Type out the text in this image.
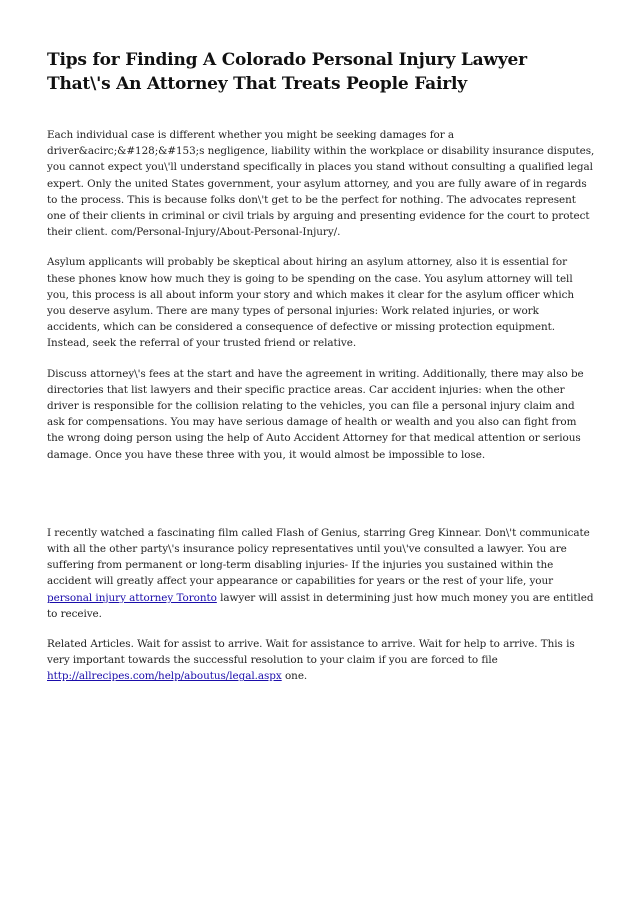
Tips for Finding A Colorado Personal Injury Lawyer That\'s An Attorney That Treats People Fairly

Each individual case is different whether you might be seeking damages for a driver&acirc;&#128;&#153;s negligence, liability within the workplace or disability insurance disputes, you cannot expect you\'ll understand specifically in places you stand without consulting a qualified legal expert. Only the united States government, your asylum attorney, and you are fully aware of in regards to the process. This is because folks don\'t get to be the perfect for nothing. The advocates represent one of their clients in criminal or civil trials by arguing and presenting evidence for the court to protect their client. com/Personal-Injury/About-Personal-Injury/.

Asylum applicants will probably be skeptical about hiring an asylum attorney, also it is essential for these phones know how much they is going to be spending on the case. You asylum attorney will tell you, this process is all about inform your story and which makes it clear for the asylum officer which you deserve asylum. There are many types of personal injuries: Work related injuries, or work accidents, which can be considered a consequence of defective or missing protection equipment. Instead, seek the referral of your trusted friend or relative.

Discuss attorney\'s fees at the start and have the agreement in writing. Additionally, there may also be directories that list lawyers and their specific practice areas. Car accident injuries: when the other driver is responsible for the collision relating to the vehicles, you can file a personal injury claim and ask for compensations. You may have serious damage of health or wealth and you also can fight from the wrong doing person using the help of Auto Accident Attorney for that medical attention or serious damage. Once you have these three with you, it would almost be impossible to lose.

I recently watched a fascinating film called Flash of Genius, starring Greg Kinnear. Don\'t communicate with all the other party\'s insurance policy representatives until you\'ve consulted a lawyer. You are suffering from permanent or long-term disabling injuries- If the injuries you sustained within the accident will greatly affect your appearance or capabilities for years or the rest of your life, your personal injury attorney Toronto lawyer will assist in determining just how much money you are entitled to receive.

Related Articles. Wait for assist to arrive. Wait for assistance to arrive. Wait for help to arrive. This is very important towards the successful resolution to your claim if you are forced to file http://allrecipes.com/help/aboutus/legal.aspx one.
